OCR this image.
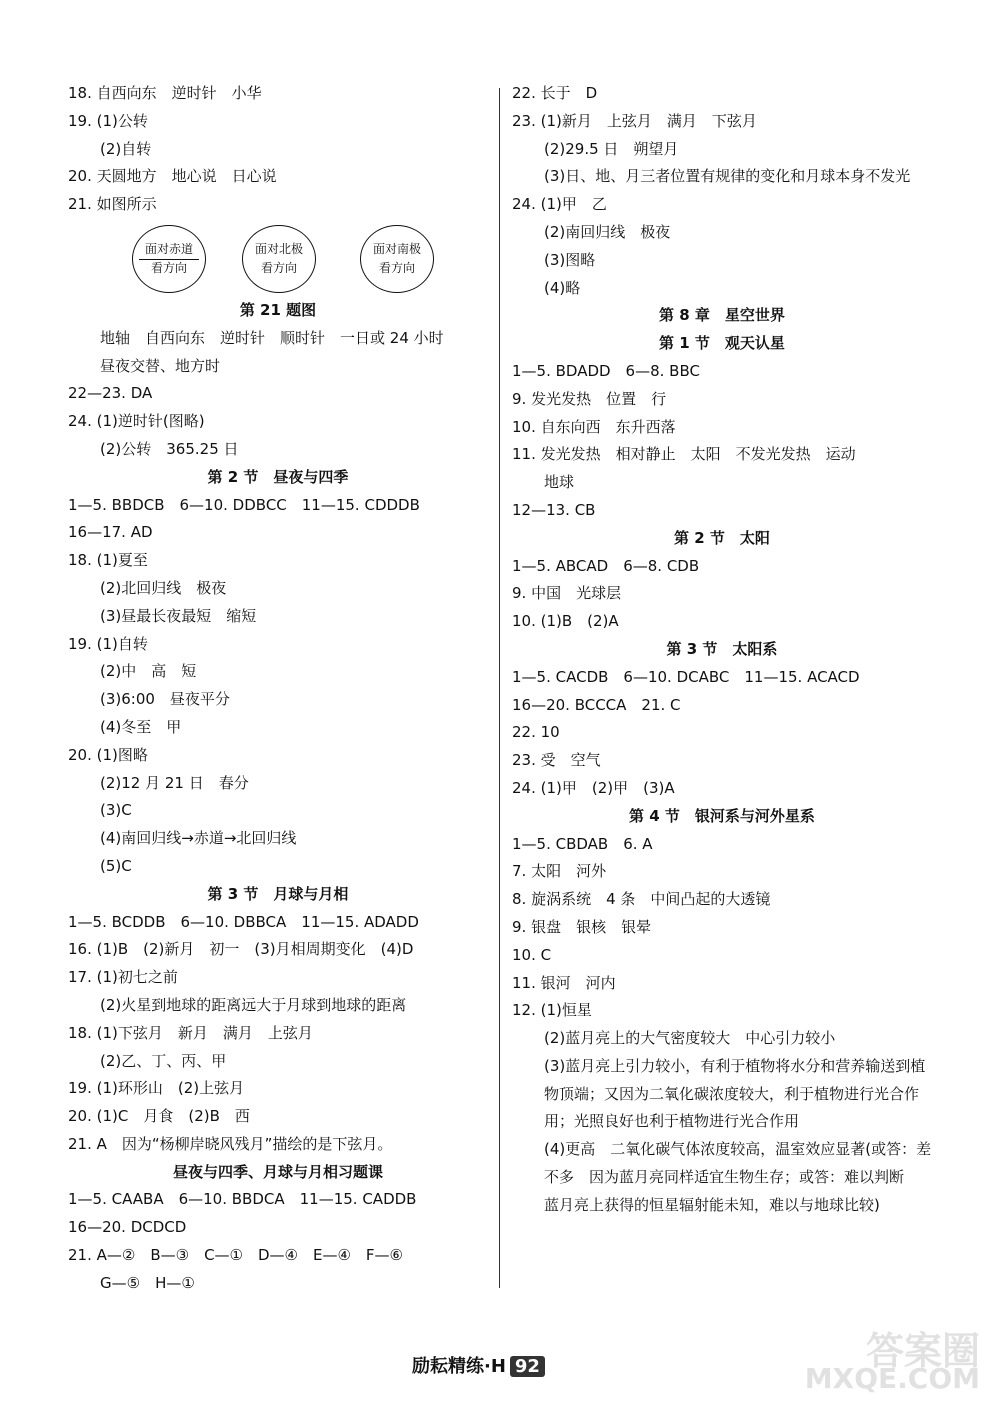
18. 自西向东　逆时针　小华
19. (1)公转
(2)自转
20. 天圆地方　地心说　日心说
21. 如图所示
面对赤道
看方向
面对北极
看方向
面对南极
看方向
第 21 题图
地轴　自西向东　逆时针　顺时针　一日或 24 小时
昼夜交替、地方时
22—23. DA
24. (1)逆时针(图略)
(2)公转　365.25 日
第 2 节　昼夜与四季
1—5. BBDCB　6—10. DDBCC　11—15. CDDDB
16—17. AD
18. (1)夏至
(2)北回归线　极夜
(3)昼最长夜最短　缩短
19. (1)自转
(2)中　高　短
(3)6:00　昼夜平分
(4)冬至　甲
20. (1)图略
(2)12 月 21 日　春分
(3)C
(4)南回归线→赤道→北回归线
(5)C
第 3 节　月球与月相
1—5. BCDDB　6—10. DBBCA　11—15. ADADD
16. (1)B　(2)新月　初一　(3)月相周期变化　(4)D
17. (1)初七之前
(2)火星到地球的距离远大于月球到地球的距离
18. (1)下弦月　新月　满月　上弦月
(2)乙、丁、丙、甲
19. (1)环形山　(2)上弦月
20. (1)C　月食　(2)B　西
21. A　因为“杨柳岸晓风残月”描绘的是下弦月。
昼夜与四季、月球与月相习题课
1—5. CAABA　6—10. BBDCA　11—15. CADDB
16—20. DCDCD
21. A—②　B—③　C—①　D—④　E—④　F—⑥
G—⑤　H—①
22. 长于　D
23. (1)新月　上弦月　满月　下弦月
(2)29.5 日　朔望月
(3)日、地、月三者位置有规律的变化和月球本身不发光
24. (1)甲　乙
(2)南回归线　极夜
(3)图略
(4)略
第 8 章　星空世界
第 1 节　观天认星
1—5. BDADD　6—8. BBC
9. 发光发热　位置　行
10. 自东向西　东升西落
11. 发光发热　相对静止　太阳　不发光发热　运动
地球
12—13. CB
第 2 节　太阳
1—5. ABCAD　6—8. CDB
9. 中国　光球层
10. (1)B　(2)A
第 3 节　太阳系
1—5. CACDB　6—10. DCABC　11—15. ACACD
16—20. BCCCA　21. C
22. 10
23. 受　空气
24. (1)甲　(2)甲　(3)A
第 4 节　银河系与河外星系
1—5. CBDAB　6. A
7. 太阳　河外
8. 旋涡系统　4 条　中间凸起的大透镜
9. 银盘　银核　银晕
10. C
11. 银河　河内
12. (1)恒星
(2)蓝月亮上的大气密度较大　中心引力较小
(3)蓝月亮上引力较小，有利于植物将水分和营养输送到植物顶端；又因为二氧化碳浓度较大，利于植物进行光合作用；光照良好也利于植物进行光合作用
(4)更高　二氧化碳气体浓度较高，温室效应显著(或答：差不多　因为蓝月亮同样适宜生物生存；或答：难以判断　蓝月亮上获得的恒星辐射能未知，难以与地球比较)
励耘精练·H 92	答案圈
MXQE.COM
